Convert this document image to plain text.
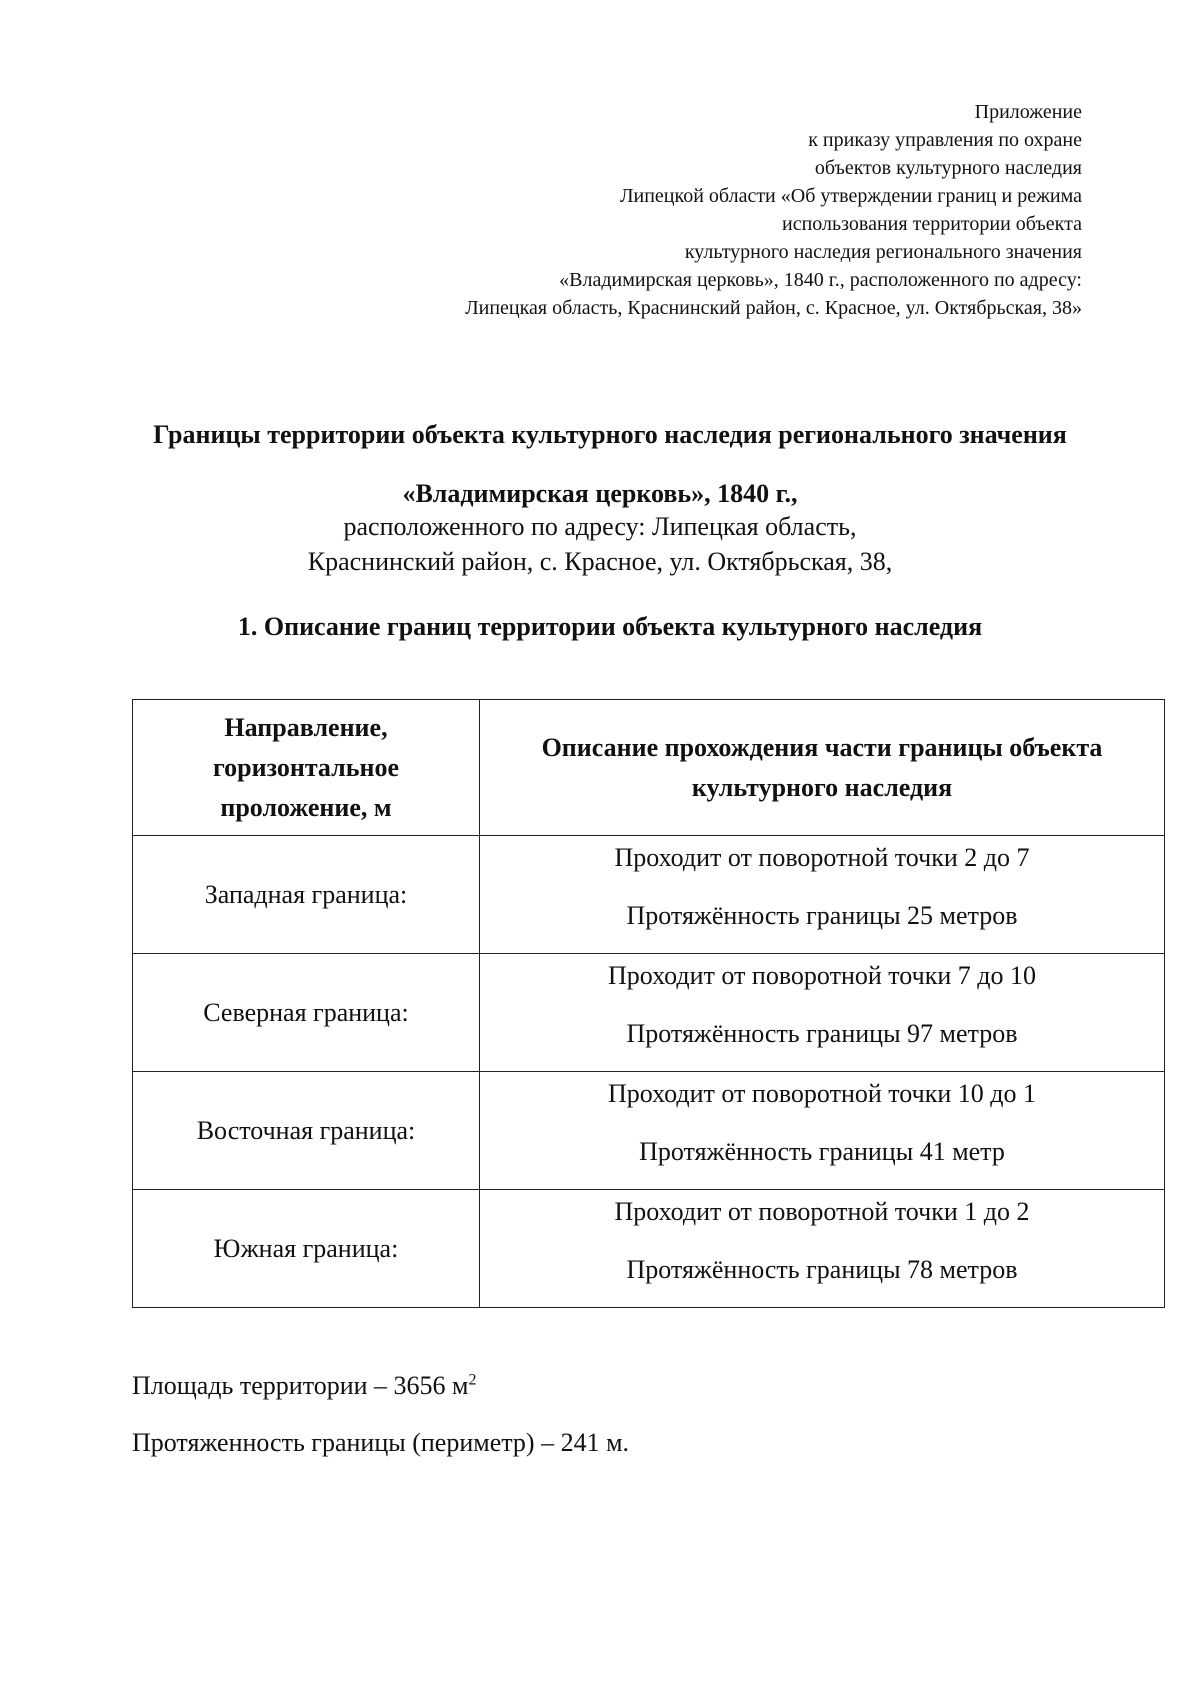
Приложение
к приказу управления по охране
объектов культурного наследия
Липецкой области «Об утверждении границ и режима
использования территории объекта
культурного наследия регионального значения
«Владимирская церковь», 1840 г., расположенного по адресу:
Липецкая область, Краснинский район, с. Красное, ул. Октябрьская, 38»
Границы территории объекта культурного наследия регионального значения
«Владимирская церковь», 1840 г.,
расположенного по адресу: Липецкая область,
Краснинский район, с. Красное, ул. Октябрьская, 38,
1. Описание границ территории объекта культурного наследия
Направление, горизонтальное проложение, м	Описание прохождения части границы объекта культурного наследия
Западная граница:	Проходит от поворотной точки 2 до 7
Протяжённость границы 25 метров

Северная граница:	Проходит от поворотной точки 7 до 10
Протяжённость границы 97 метров

Восточная граница:	Проходит от поворотной точки 10 до 1
Протяжённость границы 41 метр

Южная граница:	Проходит от поворотной точки 1 до 2
Протяжённость границы 78 метров
Площадь территории – 3656 $м^2$
Протяженность границы (периметр) – 241 м.
